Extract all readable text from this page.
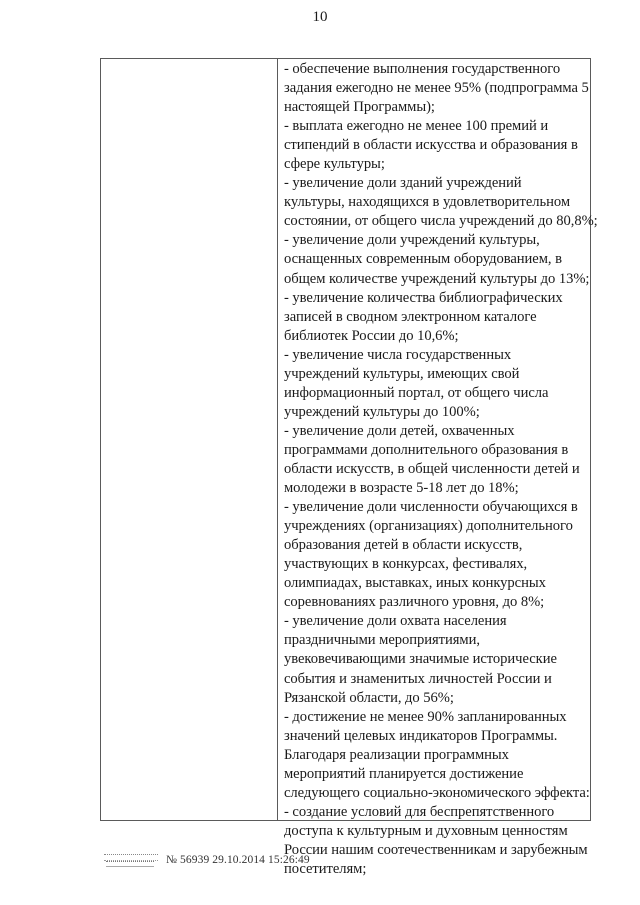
10
- обеспечение выполнения государственного
задания ежегодно не менее 95% (подпрограмма 5
настоящей Программы);
- выплата ежегодно не менее 100 премий и
стипендий в области искусства и образования в
сфере культуры;
- увеличение доли зданий учреждений
культуры, находящихся в удовлетворительном
состоянии, от общего числа учреждений до 80,8%;
- увеличение доли учреждений культуры,
оснащенных современным оборудованием, в
общем количестве учреждений культуры до 13%;
- увеличение количества библиографических
записей в сводном электронном каталоге
библиотек России до 10,6%;
- увеличение числа государственных
учреждений культуры, имеющих свой
информационный портал, от общего числа
учреждений культуры до 100%;
- увеличение доли детей, охваченных
программами дополнительного образования в
области искусств, в общей численности детей и
молодежи в возрасте 5-18 лет до 18%;
- увеличение доли численности обучающихся в
учреждениях (организациях) дополнительного
образования детей в области искусств,
участвующих в конкурсах, фестивалях,
олимпиадах, выставках, иных конкурсных
соревнованиях различного уровня, до 8%;
- увеличение доли охвата населения
праздничными мероприятиями,
увековечивающими значимые исторические
события и знаменитых личностей России и
Рязанской области, до 56%;
- достижение не менее 90% запланированных
значений целевых индикаторов Программы.
Благодаря реализации программных
мероприятий планируется достижение
следующего социально-экономического эффекта:
- создание условий для беспрепятственного
доступа к культурным и духовным ценностям
России нашим соотечественникам и зарубежным
посетителям;
№ 56939 29.10.2014 15:26:49
